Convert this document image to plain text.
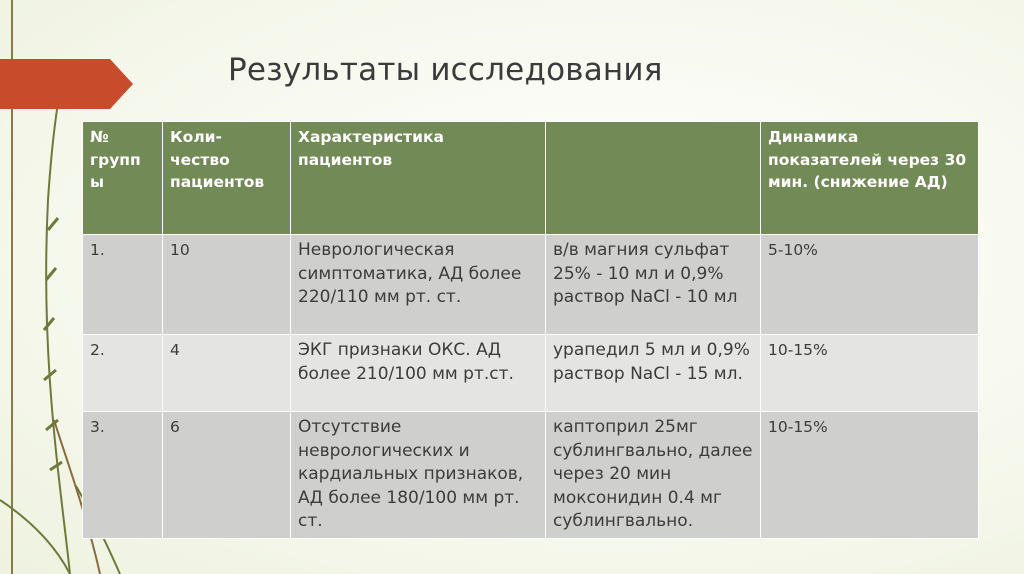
Результаты исследования
№ групп ы	Коли- чество пациентов	Характеристика пациентов		Динамика показателей через 30 мин. (снижение АД)
1.	10	Неврологическая симптоматика, АД более 220/110 мм рт. ст.	в/в магния сульфат 25% - 10 мл и 0,9% раствор NaCl - 10 мл	5-10%
2.	4	ЭКГ признаки ОКС. АД более 210/100 мм рт.ст.	урапедил 5 мл и 0,9% раствор NaCl - 15 мл.	10-15%
3.	6	Отсутствие неврологических и кардиальных признаков, АД более 180/100 мм рт. ст.	каптоприл 25мг сублингвально, далее через 20 мин моксонидин 0.4 мг сублингвально.	10-15%
